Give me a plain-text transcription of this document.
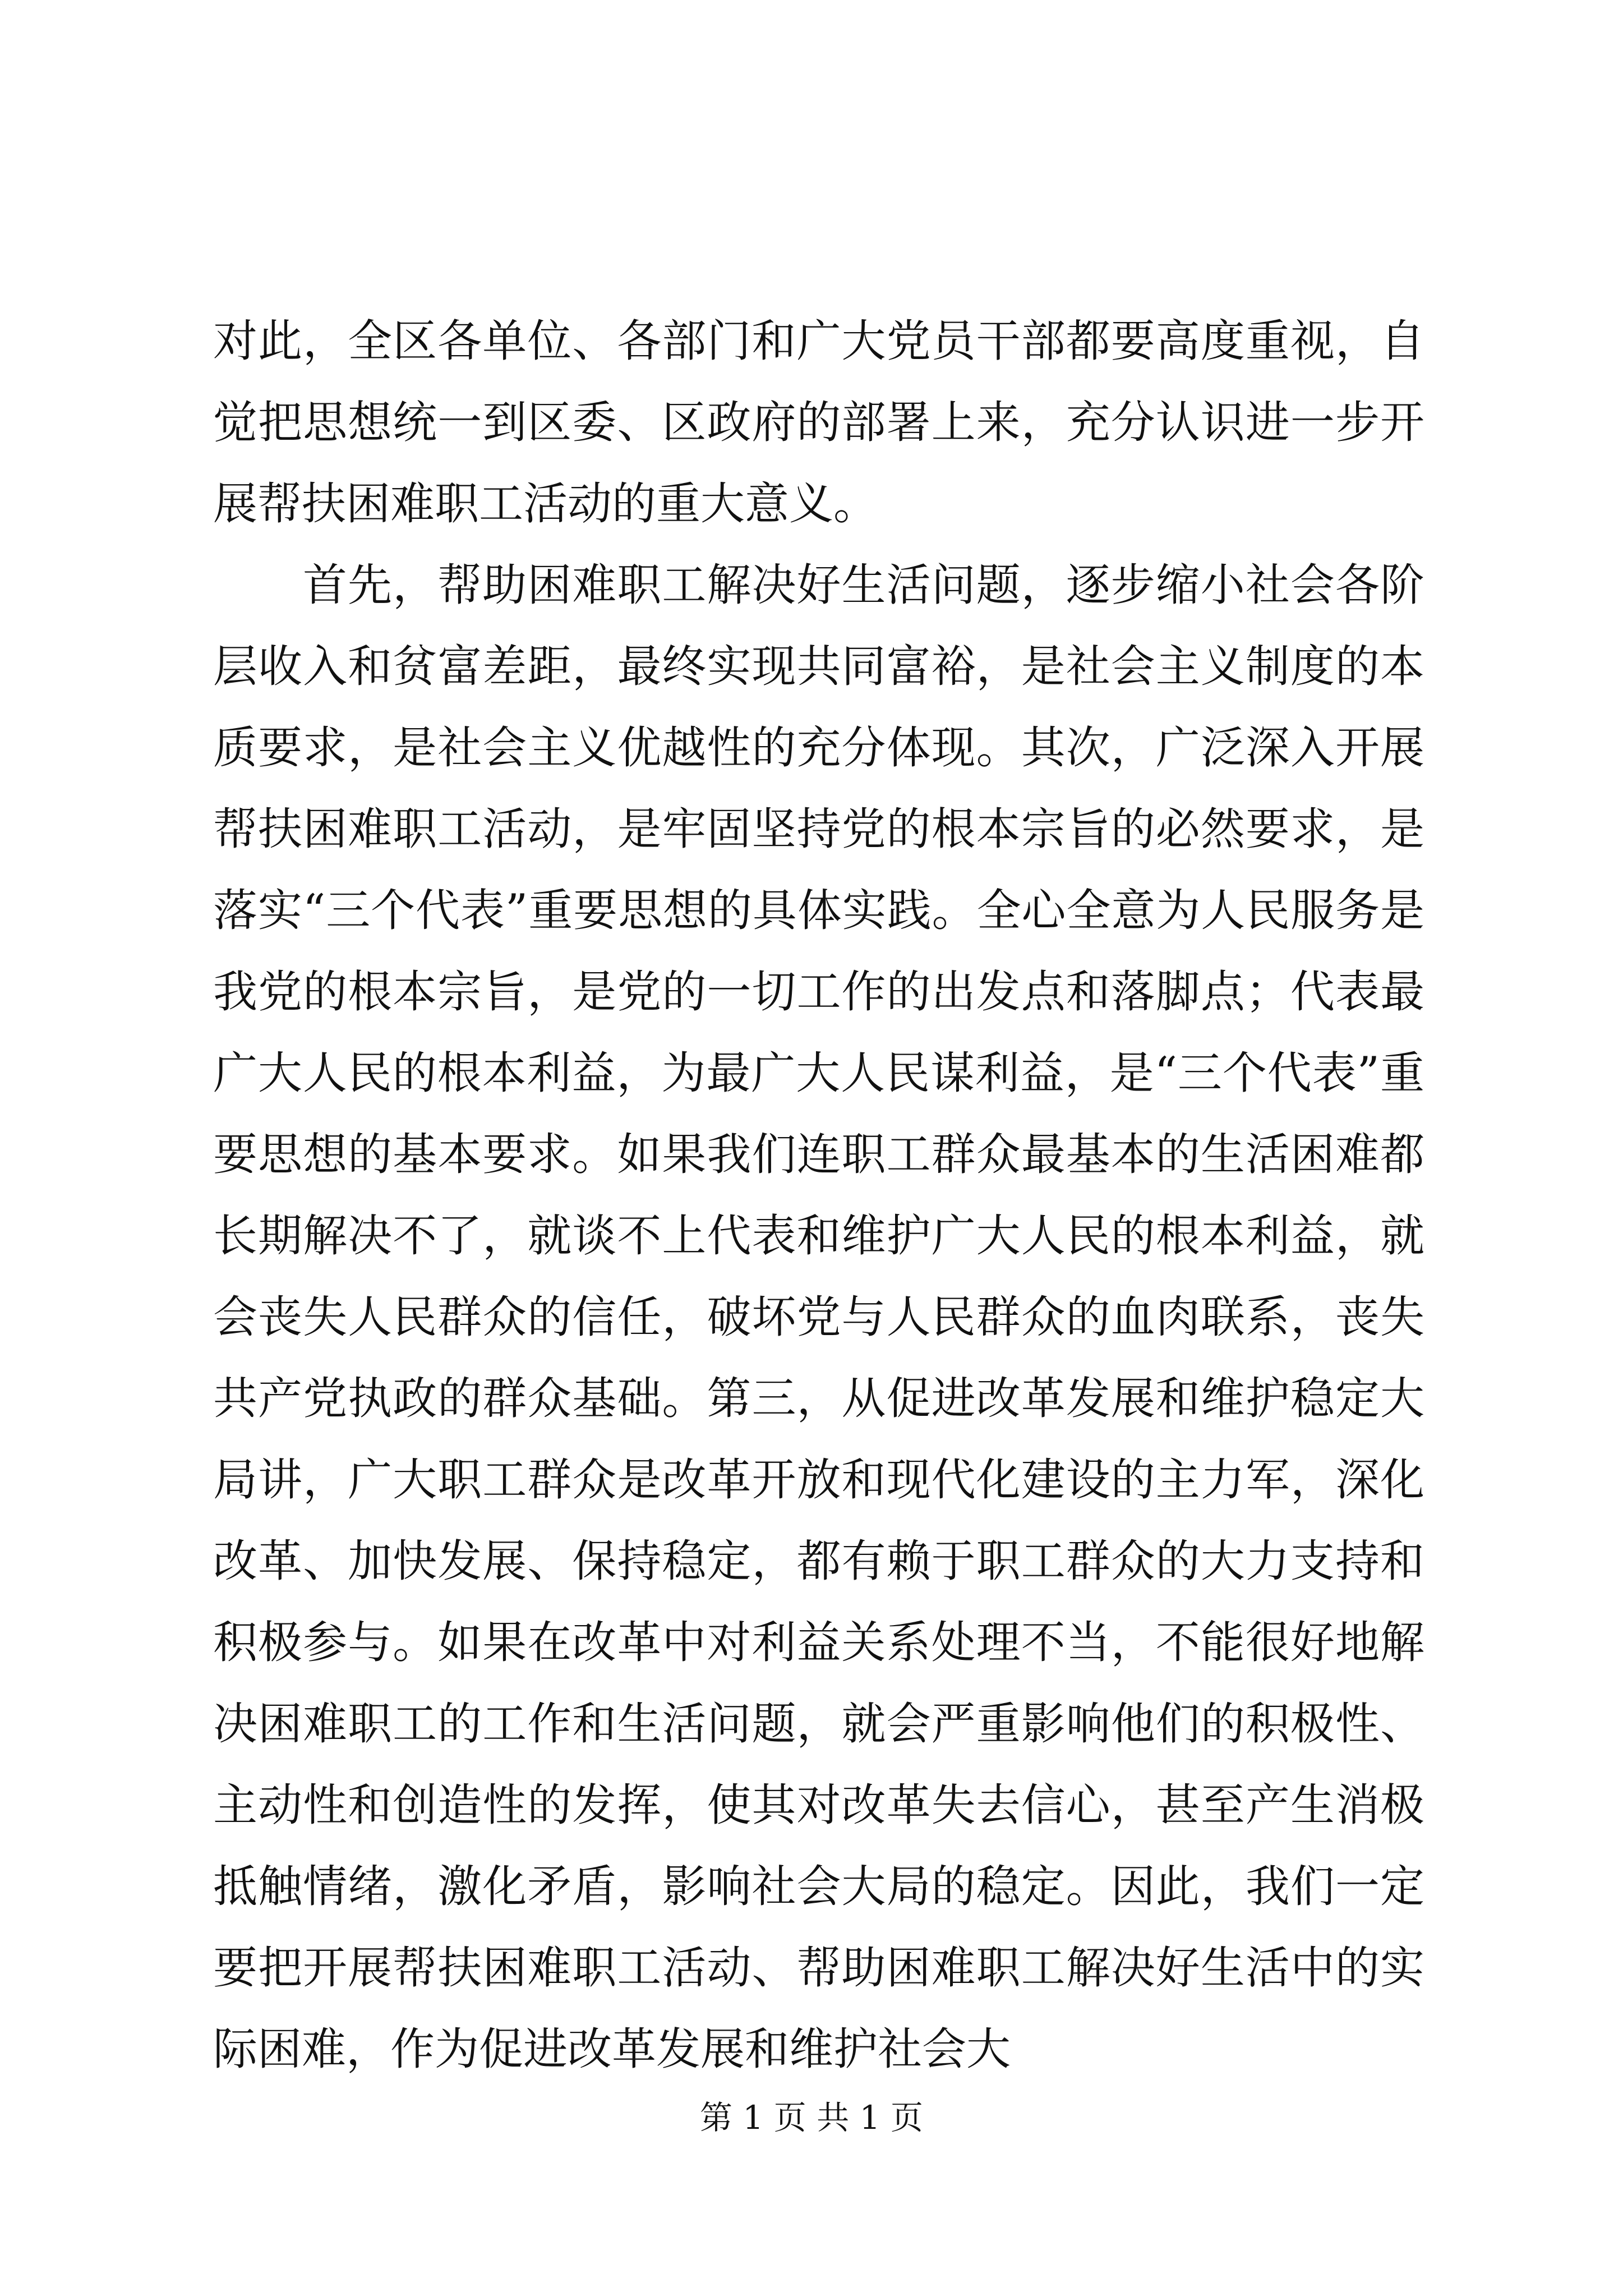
对此，全区各单位、各部门和广大党员干部都要高度重视，自觉把思想统一到区委、区政府的部署上来，充分认识进一步开展帮扶困难职工活动的重大意义。

首先，帮助困难职工解决好生活问题，逐步缩小社会各阶层收入和贫富差距，最终实现共同富裕，是社会主义制度的本质要求，是社会主义优越性的充分体现。其次，广泛深入开展帮扶困难职工活动，是牢固坚持党的根本宗旨的必然要求，是落实“三个代表”重要思想的具体实践。全心全意为人民服务是我党的根本宗旨，是党的一切工作的出发点和落脚点；代表最广大人民的根本利益，为最广大人民谋利益，是“三个代表”重要思想的基本要求。如果我们连职工群众最基本的生活困难都长期解决不了，就谈不上代表和维护广大人民的根本利益，就会丧失人民群众的信任，破坏党与人民群众的血肉联系，丧失共产党执政的群众基础。第三，从促进改革发展和维护稳定大局讲，广大职工群众是改革开放和现代化建设的主力军，深化改革、加快发展、保持稳定，都有赖于职工群众的大力支持和积极参与。如果在改革中对利益关系处理不当，不能很好地解决困难职工的工作和生活问题，就会严重影响他们的积极性、主动性和创造性的发挥，使其对改革失去信心，甚至产生消极抵触情绪，激化矛盾，影响社会大局的稳定。因此，我们一定要把开展帮扶困难职工活动、帮助困难职工解决好生活中的实际困难，作为促进改革发展和维护社会大

第 1 页 共 1 页
